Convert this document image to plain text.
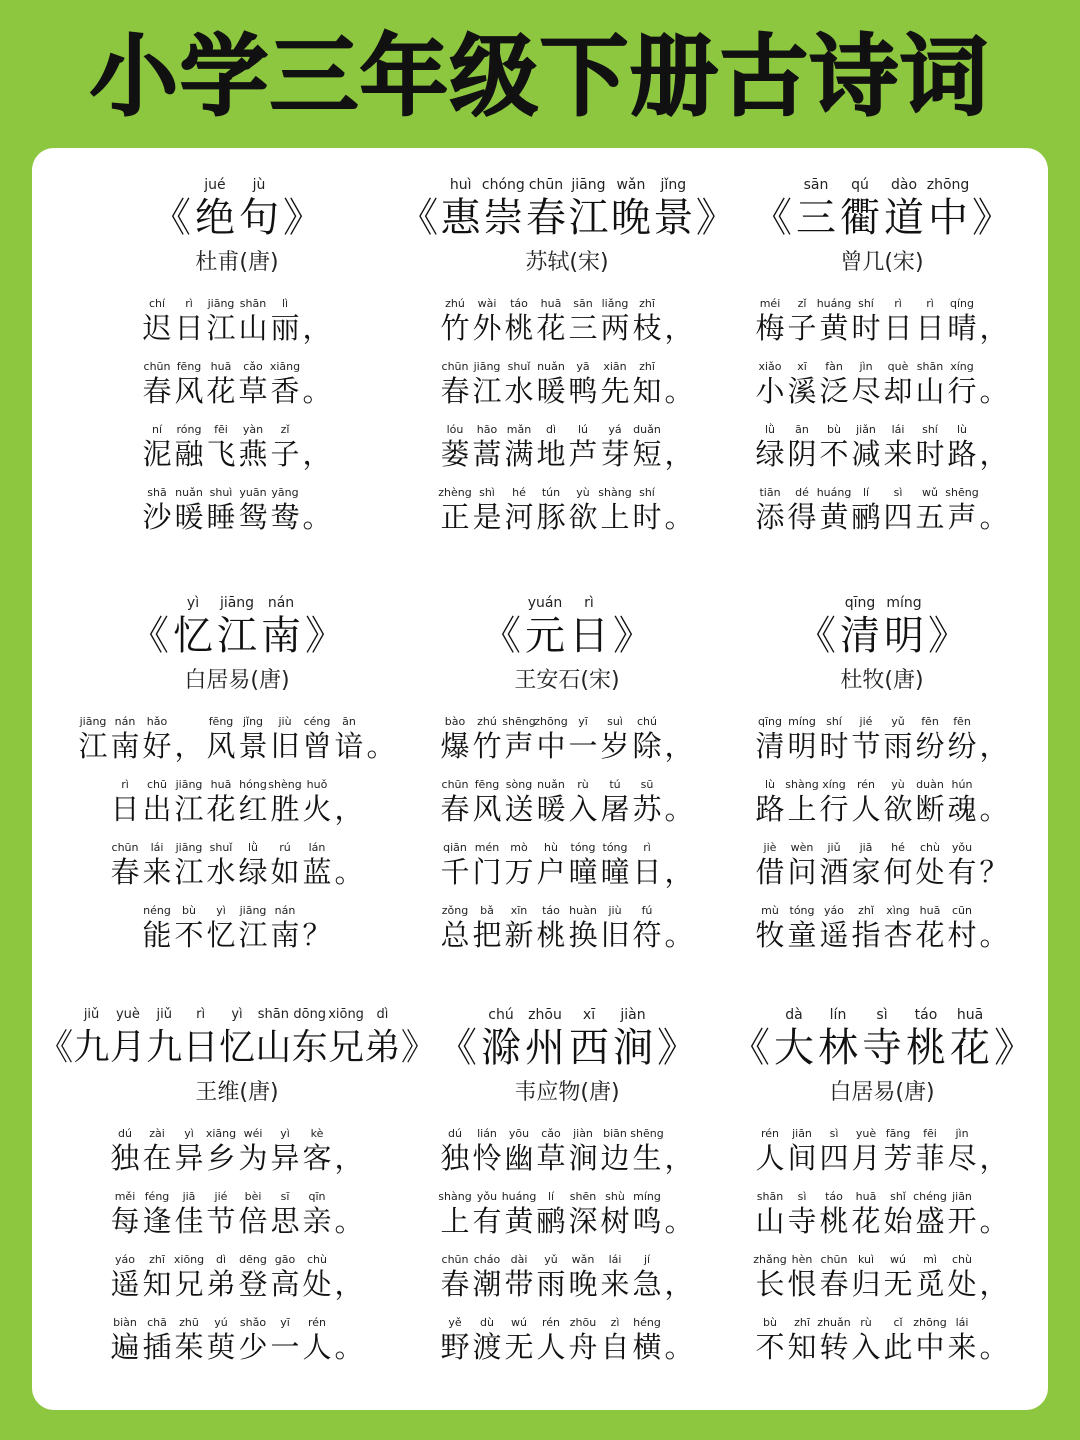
小学三年级下册古诗词
《
jué
绝
jù
句 》
杜甫(唐)
chí
迟
rì
日
jiāng
江
shān
山
lì
丽 ，
chūn
春
fēng
风
huā
花
cǎo
草
xiāng
香 。
ní
泥
róng
融
fēi
飞
yàn
燕
zǐ
子 ，
shā
沙
nuǎn
暖
shuì
睡
yuān
鸳
yāng
鸯 。
《
huì
惠
chóng
崇
chūn
春
jiāng
江
wǎn
晚
jǐng
景 》
苏轼(宋)
zhú
竹
wài
外
táo
桃
huā
花
sān
三
liǎng
两
zhī
枝 ，
chūn
春
jiāng
江
shuǐ
水
nuǎn
暖
yā
鸭
xiān
先
zhī
知 。
lóu
蒌
hāo
蒿
mǎn
满
dì
地
lú
芦
yá
芽
duǎn
短 ，
zhèng
正
shì
是
hé
河
tún
豚
yù
欲
shàng
上
shí
时 。
《
sān
三
qú
衢
dào
道
zhōng
中 》
曾几(宋)
méi
梅
zǐ
子
huáng
黄
shí
时
rì
日
rì
日
qíng
晴 ，
xiǎo
小
xī
溪
fàn
泛
jìn
尽
què
却
shān
山
xíng
行 。
lǜ
绿
ān
阴
bù
不
jiǎn
减
lái
来
shí
时
lù
路 ，
tiān
添
dé
得
huáng
黄
lí
鹂
sì
四
wǔ
五
shēng
声 。
《
yì
忆
jiāng
江
nán
南 》
白居易(唐)
jiāng
江
nán
南
hǎo
好 ，
fēng
风
jǐng
景
jiù
旧
céng
曾
ān
谙 。
rì
日
chū
出
jiāng
江
huā
花
hóng
红
shèng
胜
huǒ
火 ，
chūn
春
lái
来
jiāng
江
shuǐ
水
lǜ
绿
rú
如
lán
蓝 。
néng
能
bù
不
yì
忆
jiāng
江
nán
南 ？
《
yuán
元
rì
日 》
王安石(宋)
bào
爆
zhú
竹
shēng
声
zhōng
中
yī
一
suì
岁
chú
除 ，
chūn
春
fēng
风
sòng
送
nuǎn
暖
rù
入
tú
屠
sū
苏 。
qiān
千
mén
门
mò
万
hù
户
tóng
曈
tóng
曈
rì
日 ，
zǒng
总
bǎ
把
xīn
新
táo
桃
huàn
换
jiù
旧
fú
符 。
《
qīng
清
míng
明 》
杜牧(唐)
qīng
清
míng
明
shí
时
jié
节
yǔ
雨
fēn
纷
fēn
纷 ，
lù
路
shàng
上
xíng
行
rén
人
yù
欲
duàn
断
hún
魂 。
jiè
借
wèn
问
jiǔ
酒
jiā
家
hé
何
chù
处
yǒu
有 ？
mù
牧
tóng
童
yáo
遥
zhǐ
指
xìng
杏
huā
花
cūn
村 。
《
jiǔ
九
yuè
月
jiǔ
九
rì
日
yì
忆
shān
山
dōng
东
xiōng
兄
dì
弟 》
王维(唐)
dú
独
zài
在
yì
异
xiāng
乡
wéi
为
yì
异
kè
客 ，
měi
每
féng
逢
jiā
佳
jié
节
bèi
倍
sī
思
qīn
亲 。
yáo
遥
zhī
知
xiōng
兄
dì
弟
dēng
登
gāo
高
chù
处 ，
biàn
遍
chā
插
zhū
茱
yú
萸
shǎo
少
yī
一
rén
人 。
《
chú
滁
zhōu
州
xī
西
jiàn
涧 》
韦应物(唐)
dú
独
lián
怜
yōu
幽
cǎo
草
jiàn
涧
biān
边
shēng
生 ，
shàng
上
yǒu
有
huáng
黄
lí
鹂
shēn
深
shù
树
míng
鸣 。
chūn
春
cháo
潮
dài
带
yǔ
雨
wǎn
晚
lái
来
jí
急 ，
yě
野
dù
渡
wú
无
rén
人
zhōu
舟
zì
自
héng
横 。
《
dà
大
lín
林
sì
寺
táo
桃
huā
花 》
白居易(唐)
rén
人
jiān
间
sì
四
yuè
月
fāng
芳
fēi
菲
jìn
尽 ，
shān
山
sì
寺
táo
桃
huā
花
shǐ
始
chéng
盛
jiān
开 。
zhǎng
长
hèn
恨
chūn
春
kuì
归
wú
无
mì
觅
chù
处 ，
bù
不
zhī
知
zhuǎn
转
rù
入
cǐ
此
zhōng
中
lái
来 。
